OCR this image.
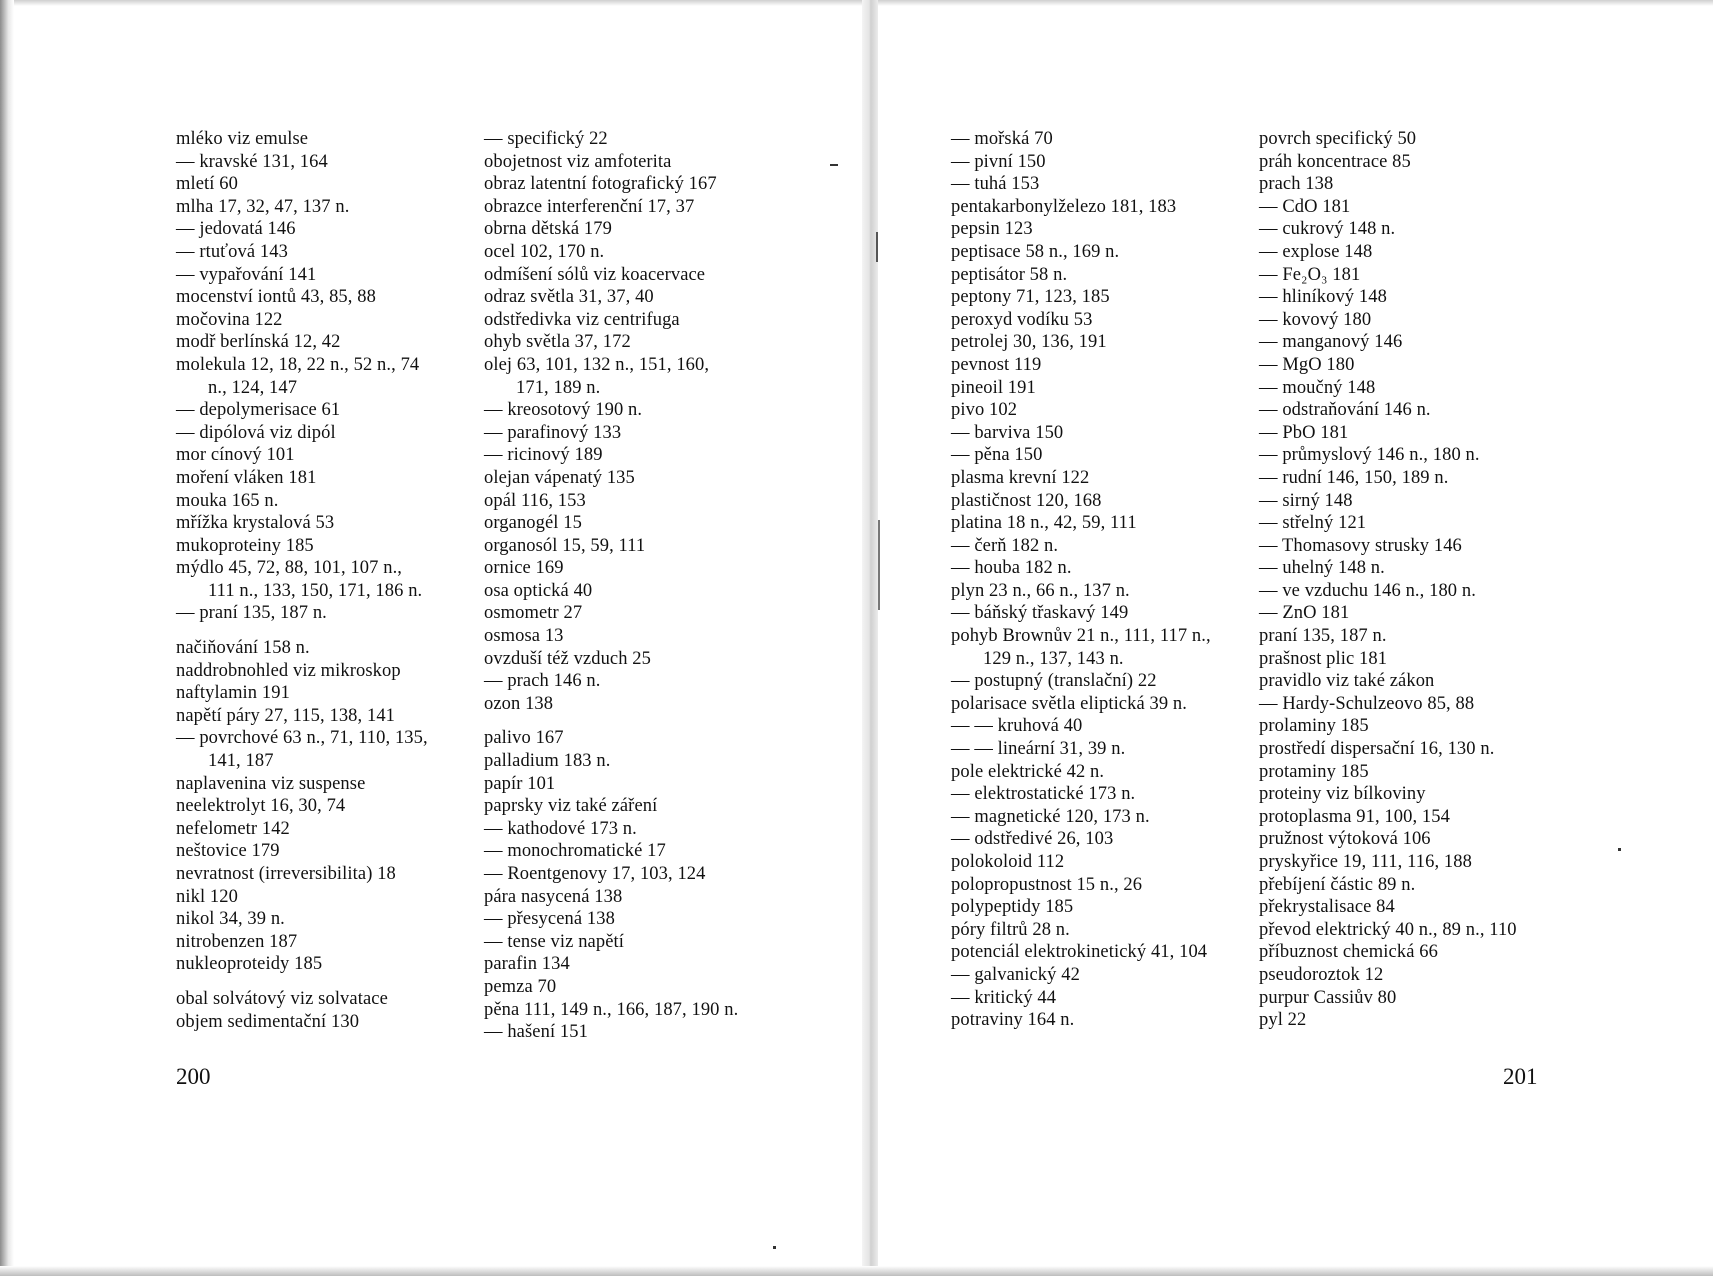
mléko viz emulse
— kravské 131, 164
mletí 60
mlha 17, 32, 47, 137 n.
— jedovatá 146
— rtuťová 143
— vypařování 141
mocenství iontů 43, 85, 88
močovina 122
modř berlínská 12, 42
molekula 12, 18, 22 n., 52 n., 74
n., 124, 147
— depolymerisace 61
— dipólová viz dipól
mor cínový 101
moření vláken 181
mouka 165 n.
mřížka krystalová 53
mukoproteiny 185
mýdlo 45, 72, 88, 101, 107 n.,
111 n., 133, 150, 171, 186 n.
— praní 135, 187 n.
načiňování 158 n.
naddrobnohled viz mikroskop
naftylamin 191
napětí páry 27, 115, 138, 141
— povrchové 63 n., 71, 110, 135,
141, 187
naplavenina viz suspense
neelektrolyt 16, 30, 74
nefelometr 142
neštovice 179
nevratnost (irreversibilita) 18
nikl 120
nikol 34, 39 n.
nitrobenzen 187
nukleoproteidy 185
obal solvátový viz solvatace
objem sedimentační 130
— specifický 22
obojetnost viz amfoterita
obraz latentní fotografický 167
obrazce interferenční 17, 37
obrna dětská 179
ocel 102, 170 n.
odmíšení sólů viz koacervace
odraz světla 31, 37, 40
odstředivka viz centrifuga
ohyb světla 37, 172
olej 63, 101, 132 n., 151, 160,
171, 189 n.
— kreosotový 190 n.
— parafinový 133
— ricinový 189
olejan vápenatý 135
opál 116, 153
organogél 15
organosól 15, 59, 111
ornice 169
osa optická 40
osmometr 27
osmosa 13
ovzduší též vzduch 25
— prach 146 n.
ozon 138
palivo 167
palladium 183 n.
papír 101
paprsky viz také záření
— kathodové 173 n.
— monochromatické 17
— Roentgenovy 17, 103, 124
pára nasycená 138
— přesycená 138
— tense viz napětí
parafin 134
pemza 70
pěna 111, 149 n., 166, 187, 190 n.
— hašení 151
— mořská 70
— pivní 150
— tuhá 153
pentakarbonylželezo 181, 183
pepsin 123
peptisace 58 n., 169 n.
peptisátor 58 n.
peptony 71, 123, 185
peroxyd vodíku 53
petrolej 30, 136, 191
pevnost 119
pineoil 191
pivo 102
— barviva 150
— pěna 150
plasma krevní 122
plastičnost 120, 168
platina 18 n., 42, 59, 111
— čerň 182 n.
— houba 182 n.
plyn 23 n., 66 n., 137 n.
— báňský třaskavý 149
pohyb Brownův 21 n., 111, 117 n.,
129 n., 137, 143 n.
— postupný (translační) 22
polarisace světla eliptická 39 n.
— — kruhová 40
— — lineární 31, 39 n.
pole elektrické 42 n.
— elektrostatické 173 n.
— magnetické 120, 173 n.
— odstředivé 26, 103
polokoloid 112
polopropustnost 15 n., 26
polypeptidy 185
póry filtrů 28 n.
potenciál elektrokinetický 41, 104
— galvanický 42
— kritický 44
potraviny 164 n.
povrch specifický 50
práh koncentrace 85
prach 138
— CdO 181
— cukrový 148 n.
— explose 148
— Fe₂O₃ 181
— hliníkový 148
— kovový 180
— manganový 146
— MgO 180
— moučný 148
— odstraňování 146 n.
— PbO 181
— průmyslový 146 n., 180 n.
— rudní 146, 150, 189 n.
— sirný 148
— střelný 121
— Thomasovy strusky 146
— uhelný 148 n.
— ve vzduchu 146 n., 180 n.
— ZnO 181
praní 135, 187 n.
prašnost plic 181
pravidlo viz také zákon
— Hardy-Schulzeovo 85, 88
prolaminy 185
prostředí dispersační 16, 130 n.
protaminy 185
proteiny viz bílkoviny
protoplasma 91, 100, 154
pružnost výtoková 106
pryskyřice 19, 111, 116, 188
přebíjení částic 89 n.
překrystalisace 84
převod elektrický 40 n., 89 n., 110
příbuznost chemická 66
pseudoroztok 12
purpur Cassiův 80
pyl 22
200	201
